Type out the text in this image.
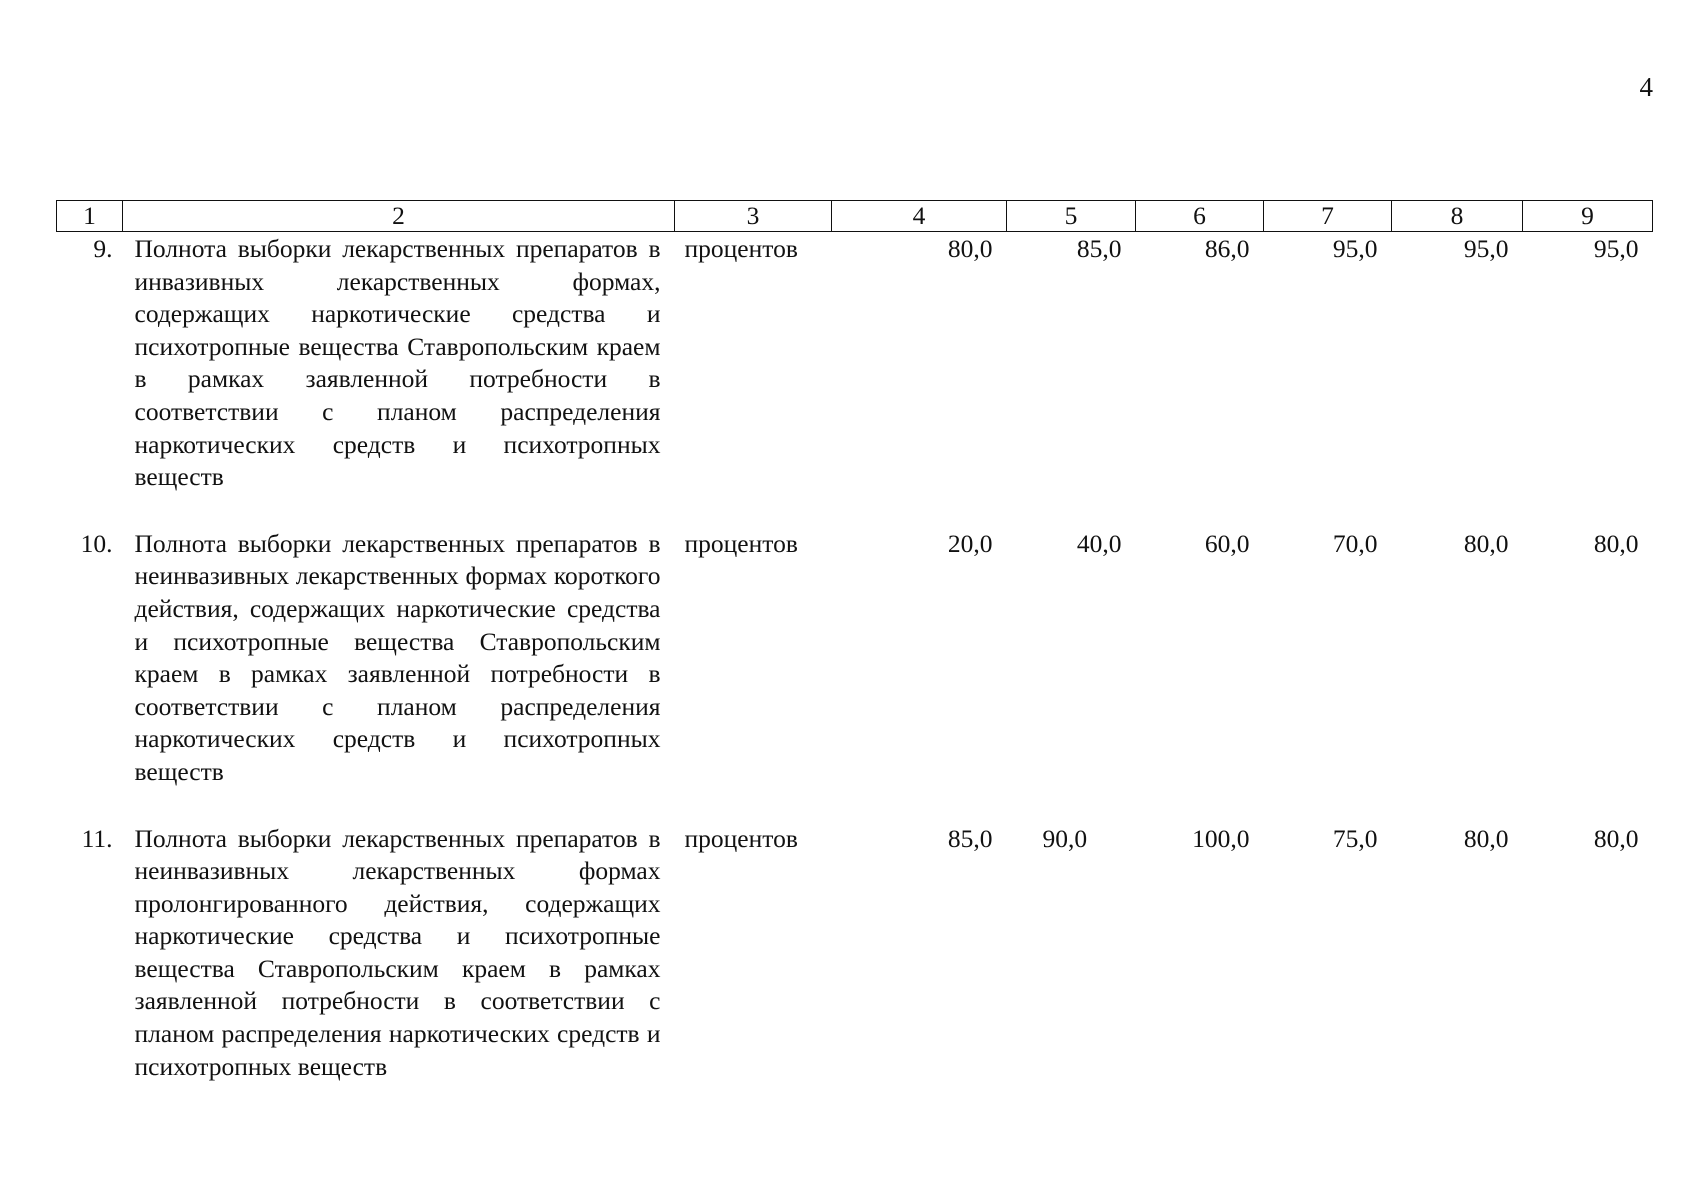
4
1	2	3	4	5	6	7	8	9
9.	Полнота выборки лекарственных препаратов в инвазивных лекарственных формах, содержащих наркотические средства и психотропные вещества Ставропольским краем в рамках заявленной потребности в соответствии с планом распределения наркотических средств и психотропных веществ	процентов	80,0	85,0	86,0	95,0	95,0	95,0
10.	Полнота выборки лекарственных препаратов в неинвазивных лекарственных формах короткого действия, содержащих наркотические средства и психотропные вещества Ставропольским краем в рамках заявленной потребности в соответствии с планом распределения наркотических средств и психотропных веществ	процентов	20,0	40,0	60,0	70,0	80,0	80,0
11.	Полнота выборки лекарственных препаратов в неинвазивных лекарственных формах пролонгированного действия, содержащих наркотические средства и психотропные вещества Ставропольским краем в рамках заявленной потребности в соответствии с планом распределения наркотических средств и психотропных веществ	процентов	85,0	90,0	100,0	75,0	80,0	80,0
